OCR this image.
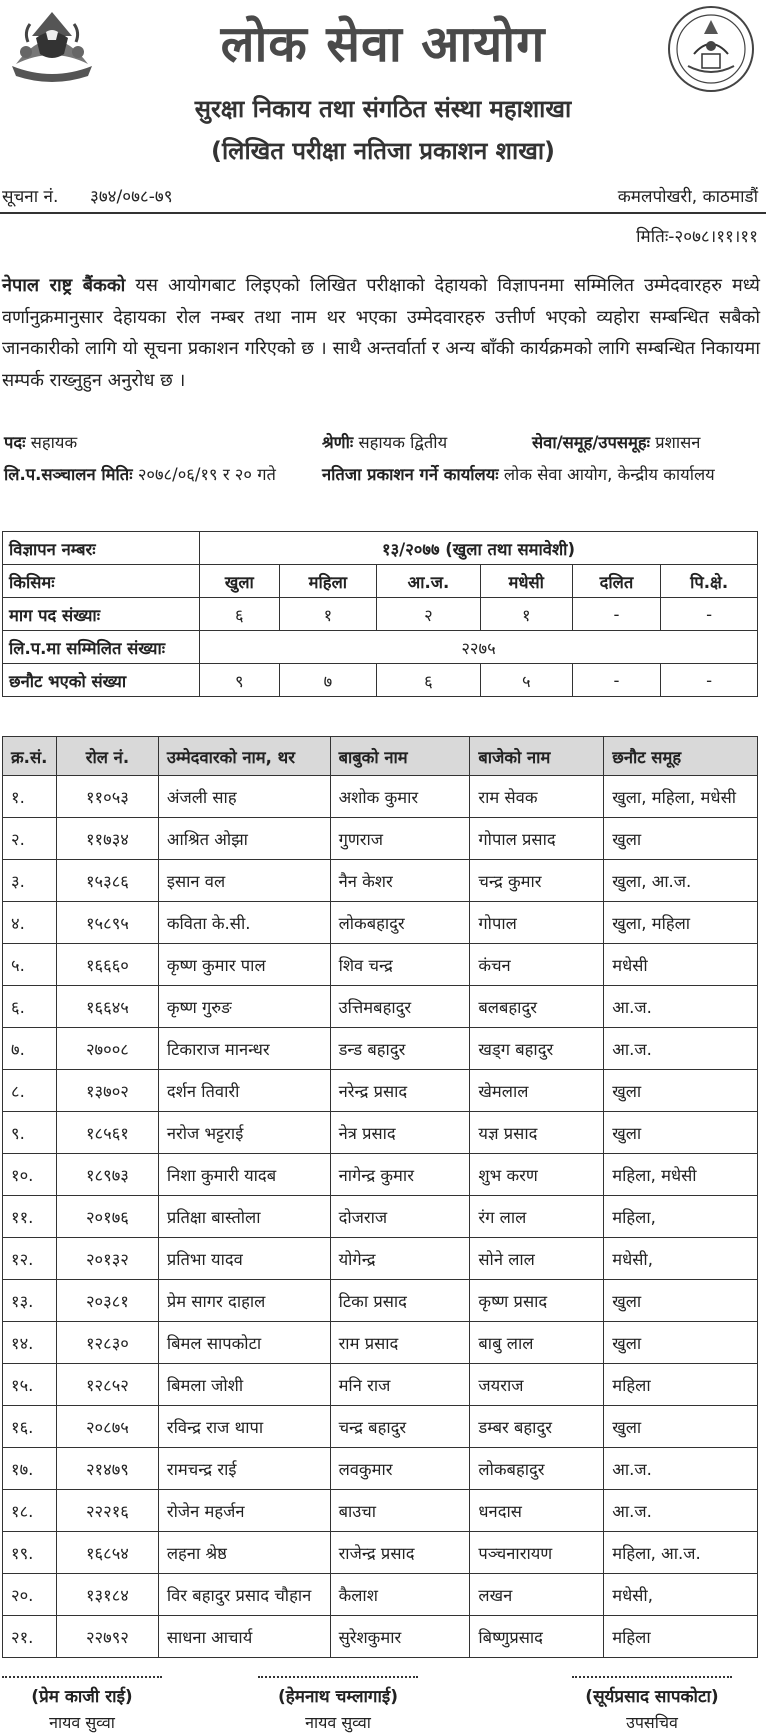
लोक सेवा आयोग
सुरक्षा निकाय तथा संगठित संस्था महाशाखा
(लिखित परीक्षा नतिजा प्रकाशन शाखा)
सूचना नं. ३७४/०७८-७९	कमलपोखरी, काठमाडौं
मितिः-२०७८।११।११
नेपाल राष्ट्र बैंकको यस आयोगबाट लिइएको लिखित परीक्षाको देहायको विज्ञापनमा सम्मिलित उम्मेदवारहरु मध्ये वर्णानुक्रमानुसार देहायका रोल नम्बर तथा नाम थर भएका उम्मेदवारहरु उत्तीर्ण भएको व्यहोरा सम्बन्धित सबैको जानकारीको लागि यो सूचना प्रकाशन गरिएको छ । साथै अन्तर्वार्ता र अन्य बाँकी कार्यक्रमको लागि सम्बन्धित निकायमा सम्पर्क राख्नुहुन अनुरोध छ ।
पदः सहायक	श्रेणीः सहायक द्वितीय	सेवा/समूह/उपसमूहः प्रशासन
लि.प.सञ्चालन मितिः २०७८/०६/१९ र २० गते	नतिजा प्रकाशन गर्ने कार्यालयः लोक सेवा आयोग, केन्द्रीय कार्यालय
विज्ञापन नम्बरः	१३/२०७७ (खुला तथा समावेशी)					
किसिमः	खुला	महिला	आ.ज.	मधेसी	दलित	पि.क्षे.
माग पद संख्याः	६	१	२	१	-	-
लि.प.मा सम्मिलित संख्याः	२२७५					
छनौट भएको संख्या	९	७	६	५	-	-
क्र.सं.	रोल नं.	उम्मेदवारको नाम, थर	बाबुको नाम	बाजेको नाम	छनौट समूह
१.	११०५३	अंजली साह	अशोक कुमार	राम सेवक	खुला, महिला, मधेसी
२.	११७३४	आश्रित ओझा	गुणराज	गोपाल प्रसाद	खुला
३.	१५३८६	इसान वल	नैन केशर	चन्द्र कुमार	खुला, आ.ज.
४.	१५८९५	कविता के.सी.	लोकबहादुर	गोपाल	खुला, महिला
५.	१६६६०	कृष्ण कुमार पाल	शिव चन्द्र	कंचन	मधेसी
६.	१६६४५	कृष्ण गुरुङ	उत्तिमबहादुर	बलबहादुर	आ.ज.
७.	२७००८	टिकाराज मानन्धर	डन्ड बहादुर	खड्ग बहादुर	आ.ज.
८.	१३७०२	दर्शन तिवारी	नरेन्द्र प्रसाद	खेमलाल	खुला
९.	१८५६१	नरोज भट्टराई	नेत्र प्रसाद	यज्ञ प्रसाद	खुला
१०.	१८९७३	निशा कुमारी यादब	नागेन्द्र कुमार	शुभ करण	महिला, मधेसी
११.	२०१७६	प्रतिक्षा बास्तोला	दोजराज	रंग लाल	महिला,
१२.	२०१३२	प्रतिभा यादव	योगेन्द्र	सोने लाल	मधेसी,
१३.	२०३८१	प्रेम सागर दाहाल	टिका प्रसाद	कृष्ण प्रसाद	खुला
१४.	१२८३०	बिमल सापकोटा	राम प्रसाद	बाबु लाल	खुला
१५.	१२८५२	बिमला जोशी	मनि राज	जयराज	महिला
१६.	२०८७५	रविन्द्र राज थापा	चन्द्र बहादुर	डम्बर बहादुर	खुला
१७.	२१४७९	रामचन्द्र राई	लवकुमार	लोकबहादुर	आ.ज.
१८.	२२२१६	रोजेन महर्जन	बाउचा	धनदास	आ.ज.
१९.	१६८५४	लहना श्रेष्ठ	राजेन्द्र प्रसाद	पञ्चनारायण	महिला, आ.ज.
२०.	१३१८४	विर बहादुर प्रसाद चौहान	कैलाश	लखन	मधेसी,
२१.	२२७९२	साधना आचार्य	सुरेशकुमार	बिष्णुप्रसाद	महिला
(प्रेम काजी राई)
नायव सुव्वा
(हेमनाथ चम्लागाई)
नायव सुव्वा
(सूर्यप्रसाद सापकोटा)
उपसचिव
